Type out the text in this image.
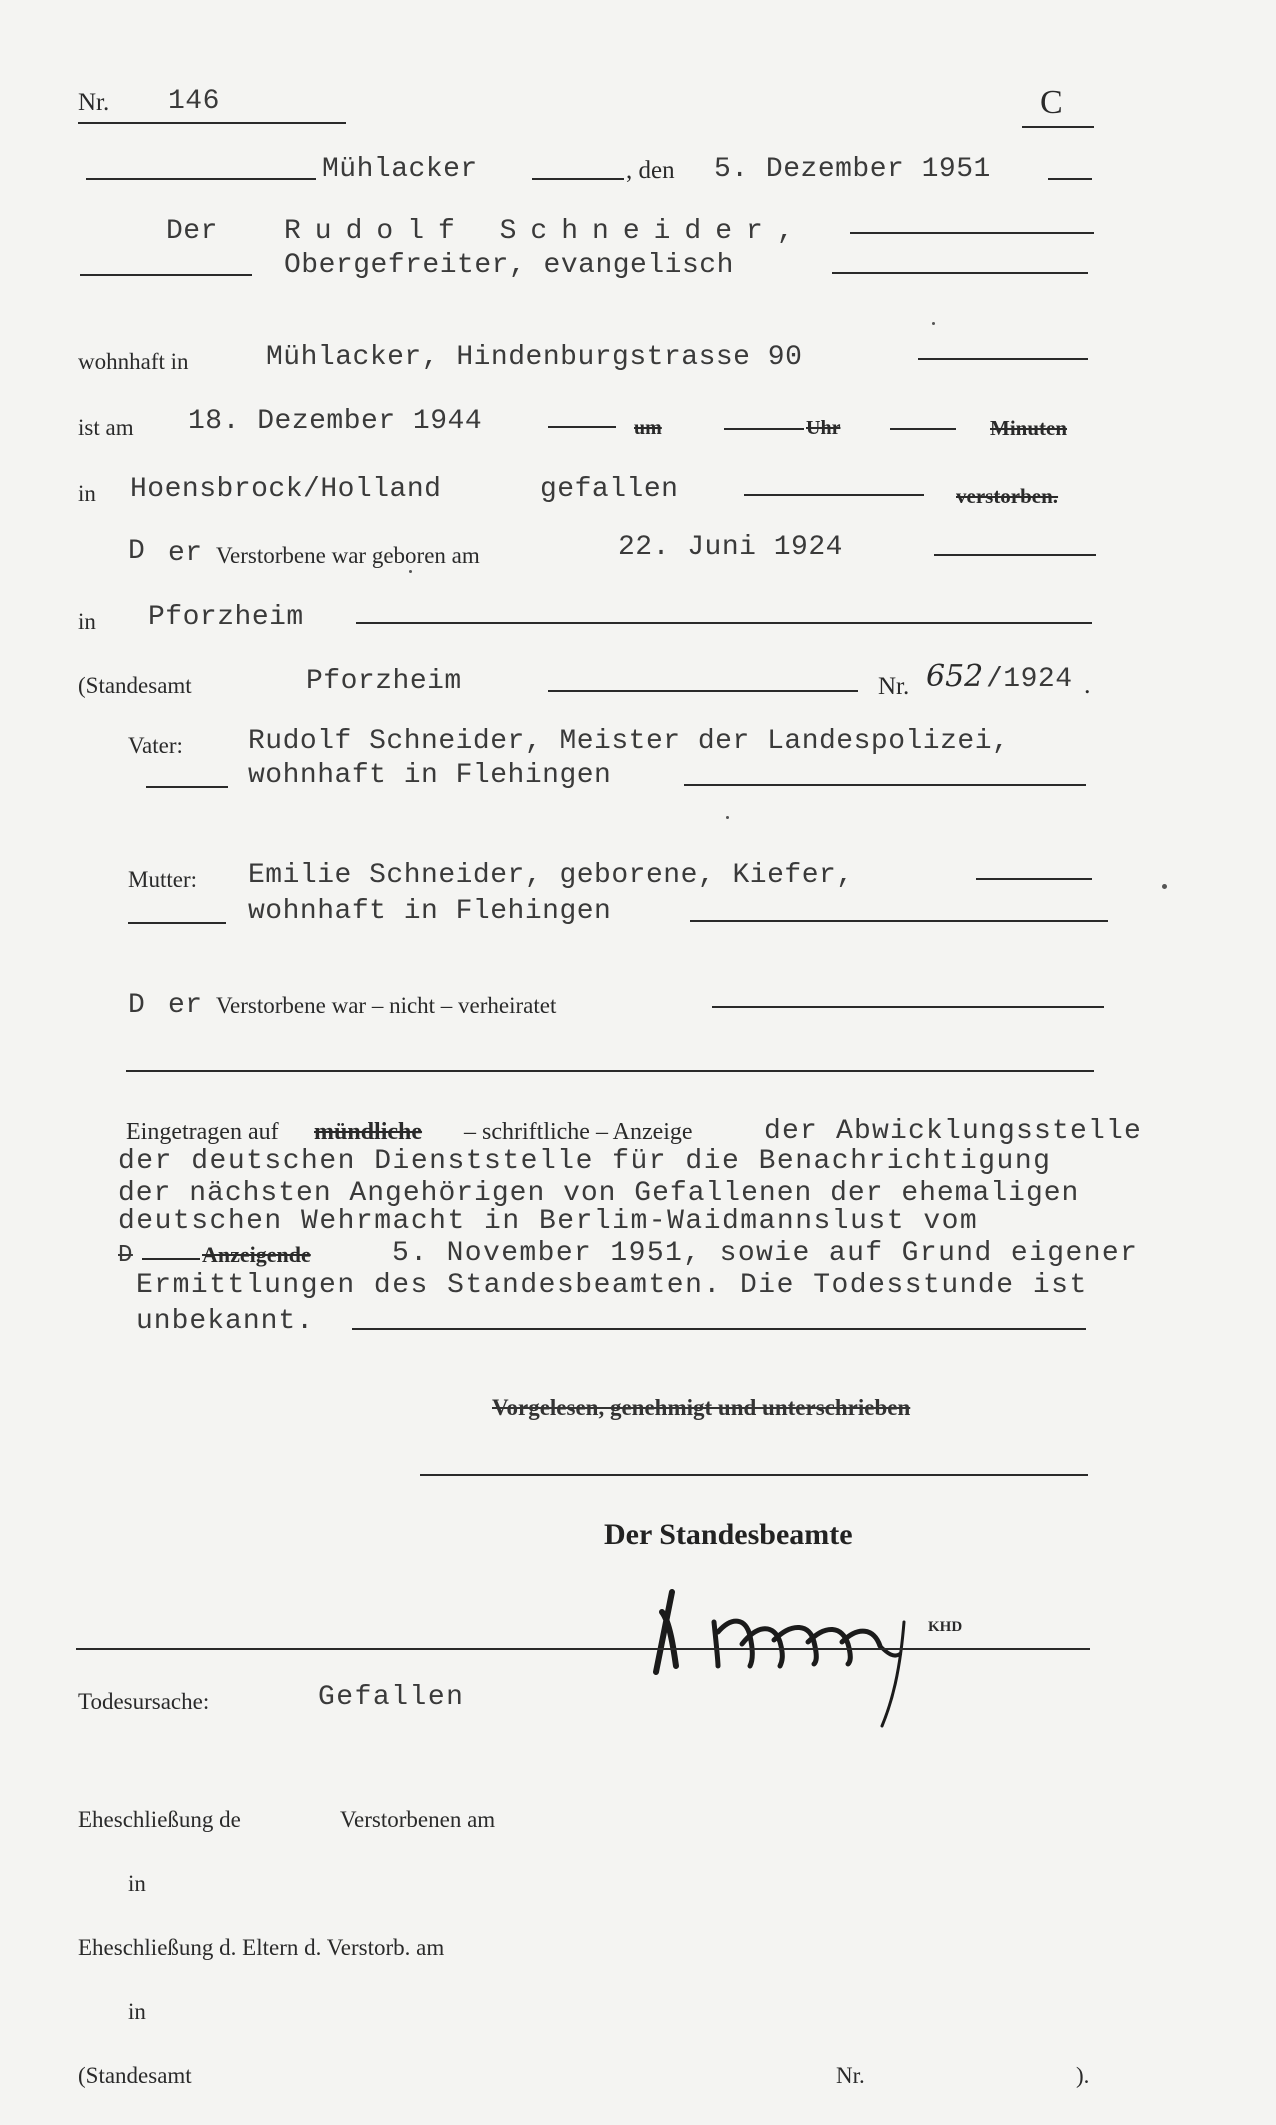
Nr. 146	C
Mühlacker	, den 5. Dezember 1951
Der Rudolf Schneider,
Obergefreiter, evangelisch
wohnhaft in	Mühlacker, Hindenburgstrasse 90
ist am 18. Dezember 1944	um	Uhr	Minuten
in Hoensbrock/Holland	gefallen	verstorben.
D er Verstorbene war geboren am	22. Juni 1924
in Pforzheim
(Standesamt	Pforzheim	Nr. 652 /1924 .
Vater: Rudolf Schneider, Meister der Landespolizei,
wohnhaft in Flehingen
Mutter: Emilie Schneider, geborene, Kiefer,
wohnhaft in Flehingen
D er Verstorbene war – nicht – verheiratet
Eingetragen auf mündliche – schriftliche – Anzeige	der Abwicklungsstelle
der deutschen Dienststelle für die Benachrichtigung
der nächsten Angehörigen von Gefallenen der ehemaligen
deutschen Wehrmacht in Berlim-Waidmannslust vom
D	Anzeigende	5. November 1951, sowie auf Grund eigener
Ermittlungen des Standesbeamten. Die Todesstunde ist
unbekannt.
Vorgelesen, genehmigt und unterschrieben
Der Standesbeamte
KHD
Todesursache:	Gefallen
Eheschließung de	Verstorbenen am
in
Eheschließung d. Eltern d. Verstorb. am
in
(Standesamt	Nr.	).
